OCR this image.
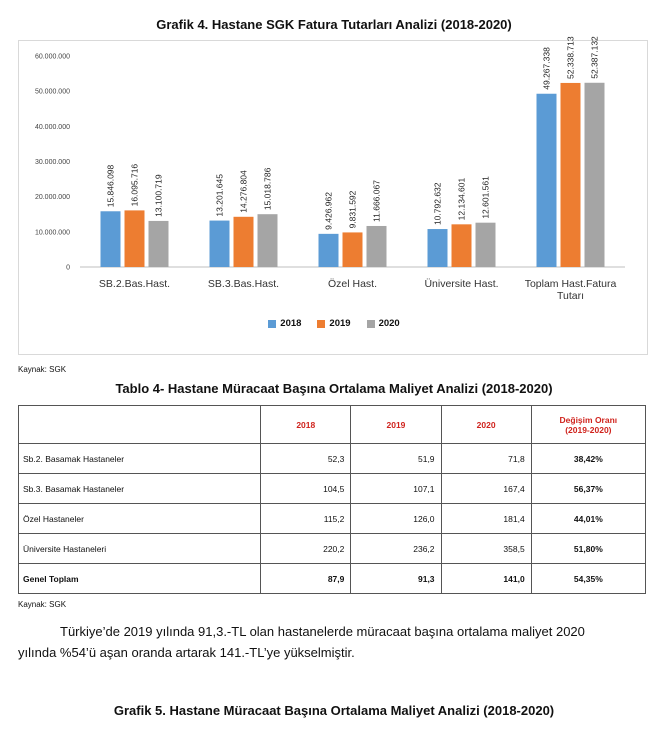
Grafik 4. Hastane SGK Fatura Tutarları Analizi (2018-2020)
0
10.000.000
20.000.000
30.000.000
40.000.000
50.000.000
60.000.000
15.846.098 16.095.716 13.100.719
SB.2.Bas.Hast.
13.201.645 14.276.804 15.018.786
SB.3.Bas.Hast.
9.426.962 9.831.592 11.666.067
Özel Hast.
10.792.632 12.134.601 12.601.561
Üniversite Hast.
49.267.338 52.338.713 52.387.132
Toplam Hast.Fatura
Tutarı
2018	2019	2020
Kaynak: SGK
Tablo 4- Hastane Müracaat Başına Ortalama Maliyet Analizi (2018-2020)
	2018	2019	2020	Değişim Oranı (2019-2020)
Sb.2. Basamak Hastaneler	52,3	51,9	71,8	38,42%
Sb.3. Basamak Hastaneler	104,5	107,1	167,4	56,37%
Özel Hastaneler	115,2	126,0	181,4	44,01%
Üniversite Hastaneleri	220,2	236,2	358,5	51,80%
Genel Toplam	87,9	91,3	141,0	54,35%
Kaynak: SGK
Türkiye’de 2019 yılında 91,3.-TL olan hastanelerde müracaat başına ortalama maliyet 2020
yılında %54’ü aşan oranda artarak 141.-TL’ye yükselmiştir.
Grafik 5. Hastane Müracaat Başına Ortalama Maliyet Analizi (2018-2020)
